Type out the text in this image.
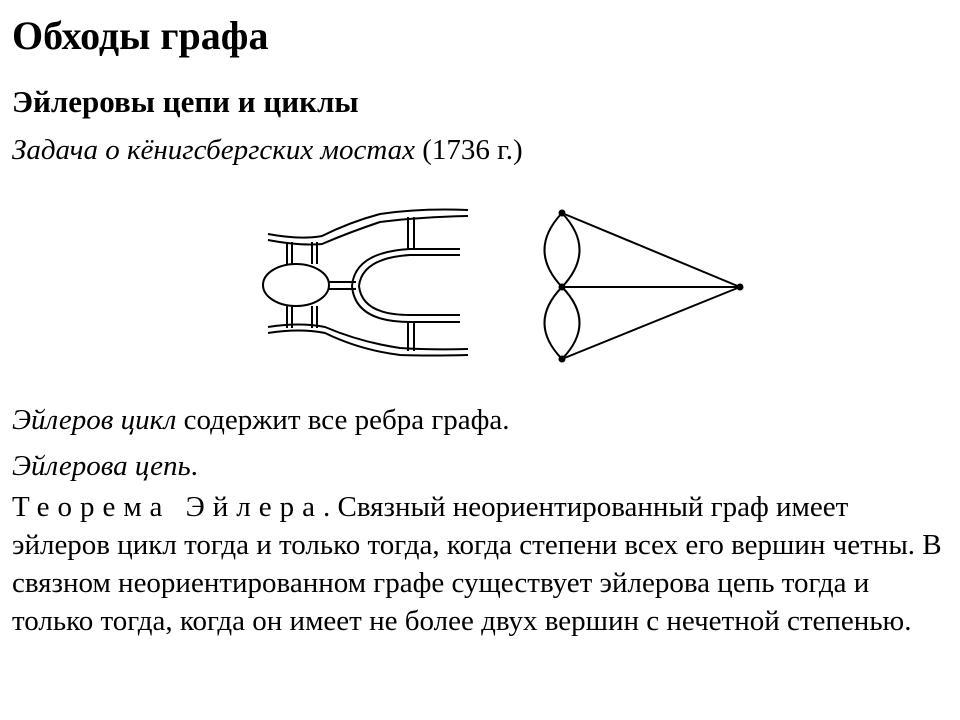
Обходы графа
Эйлеровы цепи и циклы

Задача о кёнигсбергских мостах (1736 г.)

Эйлеров цикл содержит все ребра графа.

Эйлерова цепь.

Теорема Эйлера. Связный неориентированный граф имеет эйлеров цикл тогда и только тогда, когда степени всех его вершин четны. В связном неориентированном графе существует эйлерова цепь тогда и только тогда, когда он имеет не более двух вершин с нечетной степенью.
